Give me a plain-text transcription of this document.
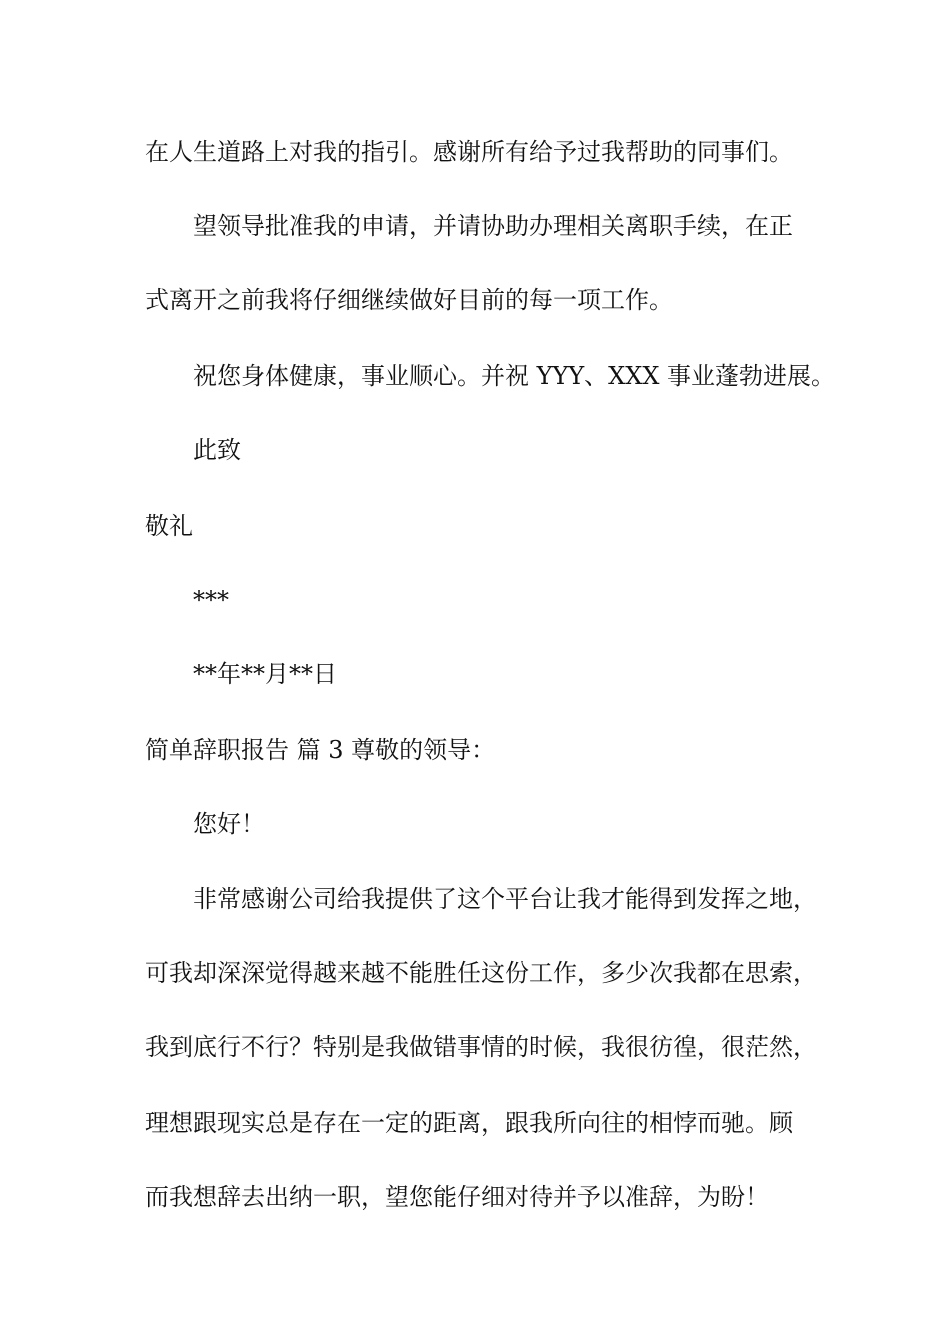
在人生道路上对我的指引。感谢所有给予过我帮助的同事们。
望领导批准我的申请，并请协助办理相关离职手续，在正
式离开之前我将仔细继续做好目前的每一项工作。
祝您身体健康，事业顺心。并祝 YYY、XXX 事业蓬勃进展。
此致
敬礼
***
**年**月**日
简单辞职报告 篇 3 尊敬的领导：
您好！
非常感谢公司给我提供了这个平台让我才能得到发挥之地，
可我却深深觉得越来越不能胜任这份工作，多少次我都在思索，
我到底行不行？特别是我做错事情的时候，我很彷徨，很茫然，
理想跟现实总是存在一定的距离，跟我所向往的相悖而驰。顾
而我想辞去出纳一职，望您能仔细对待并予以准辞，为盼！
